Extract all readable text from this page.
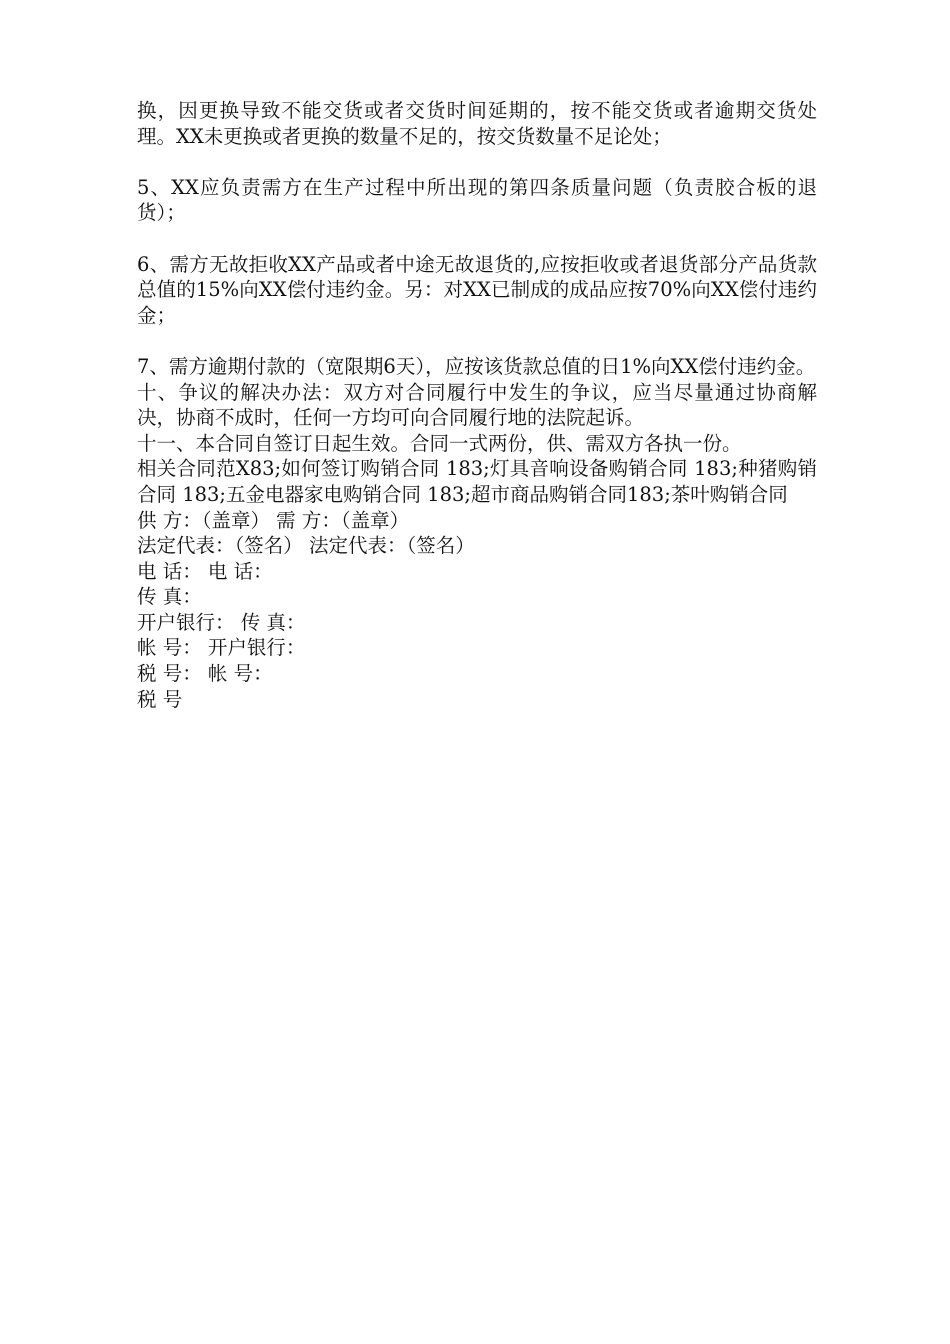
换，因更换导致不能交货或者交货时间延期的，按不能交货或者逾期交货处理。XX未更换或者更换的数量不足的，按交货数量不足论处；

5、XX应负责需方在生产过程中所出现的第四条质量问题（负责胶合板的退货）；

6、需方无故拒收XX产品或者中途无故退货的,应按拒收或者退货部分产品货款总值的15%向XX偿付违约金。另：对XX已制成的成品应按70%向XX偿付违约金；

7、需方逾期付款的（宽限期6天），应按该货款总值的日1%向XX偿付违约金。

十、争议的解决办法：双方对合同履行中发生的争议，应当尽量通过协商解决，协商不成时，任何一方均可向合同履行地的法院起诉。

十一、本合同自签订日起生效。合同一式两份，供、需双方各执一份。

相关合同范X83;如何签订购销合同 183;灯具音响设备购销合同 183;种猪购销合同 183;五金电器家电购销合同 183;超市商品购销合同183;茶叶购销合同

供 方：（盖章） 需 方：（盖章）

法定代表：（签名） 法定代表：（签名）

电 话： 电 话：

传 真：

开户银行： 传 真：

帐 号： 开户银行：

税 号： 帐 号：

税 号
